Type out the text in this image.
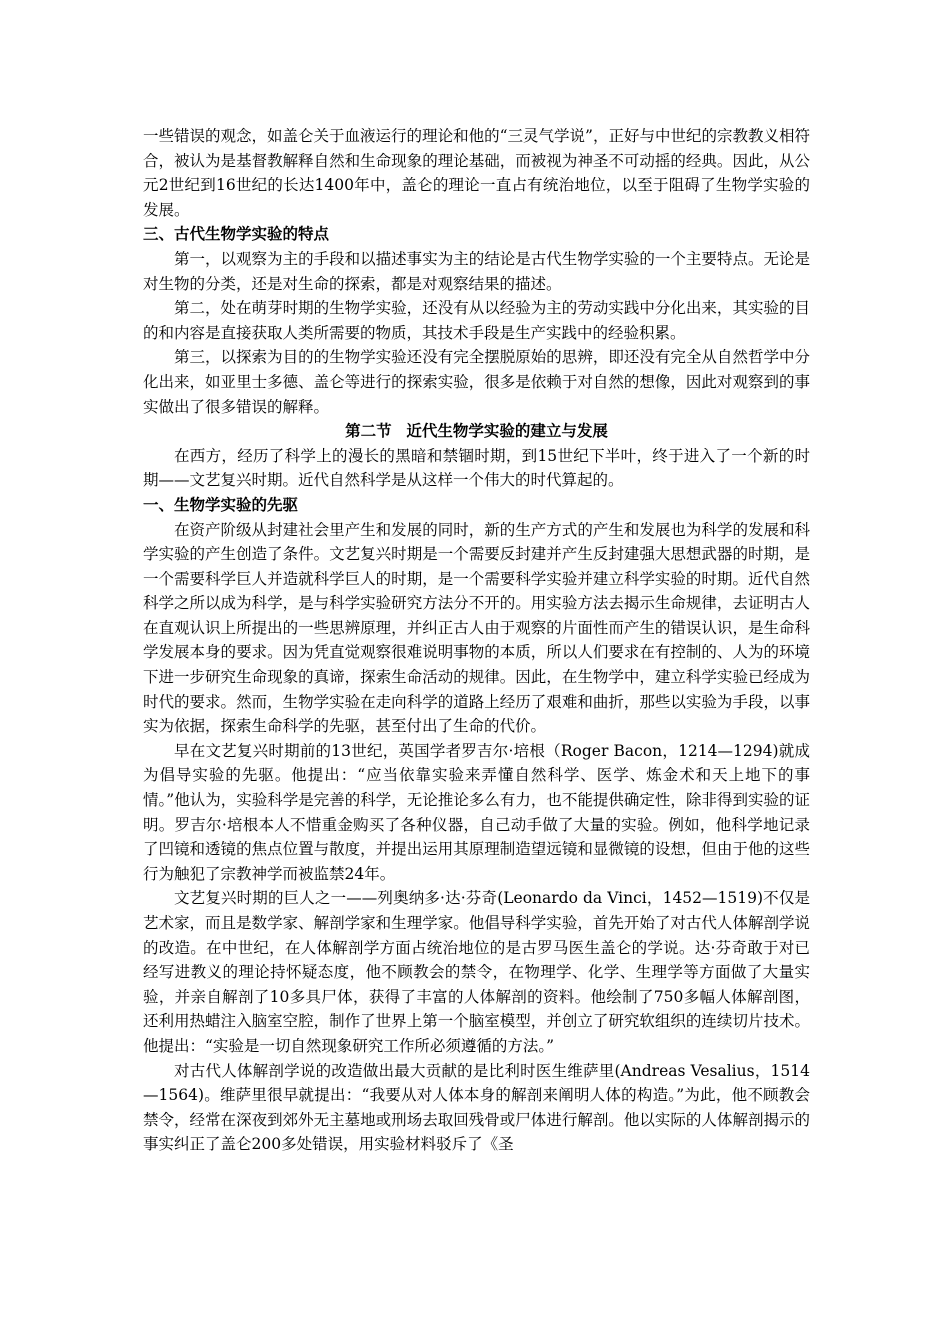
一些错误的观念，如盖仑关于血液运行的理论和他的“三灵气学说”，正好与中世纪的宗教教义相符合，被认为是基督教解释自然和生命现象的理论基础，而被视为神圣不可动摇的经典。因此，从公元2世纪到16世纪的长达1400年中，盖仑的理论一直占有统治地位，以至于阻碍了生物学实验的发展。

三、古代生物学实验的特点

第一，以观察为主的手段和以描述事实为主的结论是古代生物学实验的一个主要特点。无论是对生物的分类，还是对生命的探索，都是对观察结果的描述。

第二，处在萌芽时期的生物学实验，还没有从以经验为主的劳动实践中分化出来，其实验的目的和内容是直接获取人类所需要的物质，其技术手段是生产实践中的经验积累。

第三，以探索为目的的生物学实验还没有完全摆脱原始的思辨，即还没有完全从自然哲学中分化出来，如亚里士多德、盖仑等进行的探索实验，很多是依赖于对自然的想像，因此对观察到的事实做出了很多错误的解释。

第二节 近代生物学实验的建立与发展

在西方，经历了科学上的漫长的黑暗和禁锢时期，到15世纪下半叶，终于进入了一个新的时期——文艺复兴时期。近代自然科学是从这样一个伟大的时代算起的。

一、生物学实验的先驱

在资产阶级从封建社会里产生和发展的同时，新的生产方式的产生和发展也为科学的发展和科学实验的产生创造了条件。文艺复兴时期是一个需要反封建并产生反封建强大思想武器的时期，是一个需要科学巨人并造就科学巨人的时期，是一个需要科学实验并建立科学实验的时期。近代自然科学之所以成为科学，是与科学实验研究方法分不开的。用实验方法去揭示生命规律，去证明古人在直观认识上所提出的一些思辨原理，并纠正古人由于观察的片面性而产生的错误认识，是生命科学发展本身的要求。因为凭直觉观察很难说明事物的本质，所以人们要求在有控制的、人为的环境下进一步研究生命现象的真谛，探索生命活动的规律。因此，在生物学中，建立科学实验已经成为时代的要求。然而，生物学实验在走向科学的道路上经历了艰难和曲折，那些以实验为手段，以事实为依据，探索生命科学的先驱，甚至付出了生命的代价。

早在文艺复兴时期前的13世纪，英国学者罗吉尔·培根（Roger Bacon，1214—1294)就成为倡导实验的先驱。他提出：“应当依靠实验来弄懂自然科学、医学、炼金术和天上地下的事情。”他认为，实验科学是完善的科学，无论推论多么有力，也不能提供确定性，除非得到实验的证明。罗吉尔·培根本人不惜重金购买了各种仪器，自己动手做了大量的实验。例如，他科学地记录了凹镜和透镜的焦点位置与散度，并提出运用其原理制造望远镜和显微镜的设想，但由于他的这些行为触犯了宗教神学而被监禁24年。

文艺复兴时期的巨人之一——列奥纳多·达·芬奇(Leonardo da Vinci，1452—1519)不仅是艺术家，而且是数学家、解剖学家和生理学家。他倡导科学实验，首先开始了对古代人体解剖学说的改造。在中世纪，在人体解剖学方面占统治地位的是古罗马医生盖仑的学说。达·芬奇敢于对已经写进教义的理论持怀疑态度，他不顾教会的禁令，在物理学、化学、生理学等方面做了大量实验，并亲自解剖了10多具尸体，获得了丰富的人体解剖的资料。他绘制了750多幅人体解剖图，还利用热蜡注入脑室空腔，制作了世界上第一个脑室模型，并创立了研究软组织的连续切片技术。他提出：“实验是一切自然现象研究工作所必须遵循的方法。”

对古代人体解剖学说的改造做出最大贡献的是比利时医生维萨里(Andreas Vesalius，1514—1564)。维萨里很早就提出：“我要从对人体本身的解剖来阐明人体的构造。”为此，他不顾教会禁令，经常在深夜到郊外无主墓地或刑场去取回残骨或尸体进行解剖。他以实际的人体解剖揭示的事实纠正了盖仑200多处错误，用实验材料驳斥了《圣
